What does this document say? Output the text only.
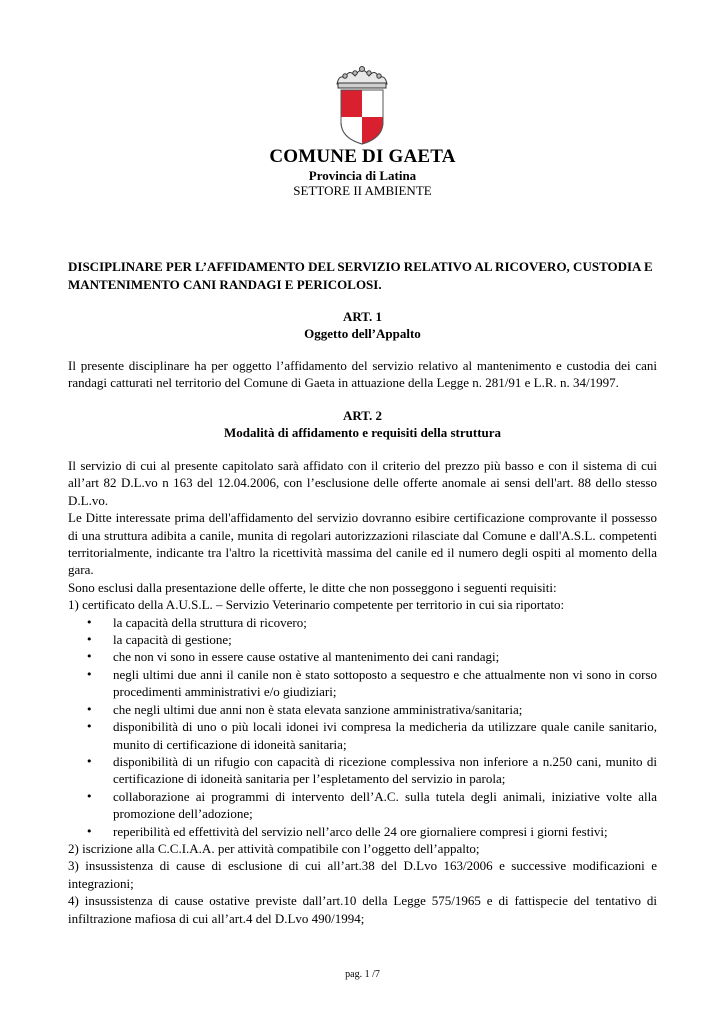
COMUNE DI GAETA
Provincia di Latina
SETTORE II AMBIENTE
DISCIPLINARE PER L’AFFIDAMENTO DEL SERVIZIO RELATIVO AL RICOVERO, CUSTODIA E MANTENIMENTO CANI RANDAGI E PERICOLOSI.
ART. 1
Oggetto dell’Appalto
Il presente disciplinare ha per oggetto l’affidamento del servizio relativo al mantenimento e custodia dei cani randagi catturati nel territorio del Comune di Gaeta in attuazione della Legge n. 281/91 e L.R. n. 34/1997.
ART. 2
Modalità di affidamento e requisiti della struttura

Il servizio di cui al presente capitolato sarà affidato con il criterio del prezzo più basso e con il sistema di cui all’art 82 D.L.vo n 163 del 12.04.2006, con l’esclusione delle offerte anomale ai sensi dell'art. 88 dello stesso D.L.vo.

Le Ditte interessate prima dell'affidamento del servizio dovranno esibire certificazione comprovante il possesso di una struttura adibita a canile, munita di regolari autorizzazioni rilasciate dal Comune e dall'A.S.L. competenti territorialmente, indicante tra l'altro la ricettività massima del canile ed il numero degli ospiti al momento della gara.

Sono esclusi dalla presentazione delle offerte, le ditte che non posseggono i seguenti requisiti:

1) certificato della A.U.S.L. – Servizio Veterinario competente per territorio in cui sia riportato:

• la capacità della struttura di ricovero;
• la capacità di gestione;
• che non vi sono in essere cause ostative al mantenimento dei cani randagi;
• negli ultimi due anni il canile non è stato sottoposto a sequestro e che attualmente non vi sono in corso procedimenti amministrativi e/o giudiziari;
• che negli ultimi due anni non è stata elevata sanzione amministrativa/sanitaria;
• disponibilità di uno o più locali idonei ivi compresa la medicheria da utilizzare quale canile sanitario, munito di certificazione di idoneità sanitaria;
• disponibilità di un rifugio con capacità di ricezione complessiva non inferiore a n.250 cani, munito di certificazione di idoneità sanitaria per l’espletamento del servizio in parola;
• collaborazione ai programmi di intervento dell’A.C. sulla tutela degli animali, iniziative volte alla promozione dell’adozione;
• reperibilità ed effettività del servizio nell’arco delle 24 ore giornaliere compresi i giorni festivi;

2) iscrizione alla C.C.I.A.A. per attività compatibile con l’oggetto dell’appalto;

3) insussistenza di cause di esclusione di cui all’art.38 del D.Lvo 163/2006 e successive modificazioni e integrazioni;

4) insussistenza di cause ostative previste dall’art.10 della Legge 575/1965 e di fattispecie del tentativo di infiltrazione mafiosa di cui all’art.4 del D.Lvo 490/1994;

pag. 1 /7
